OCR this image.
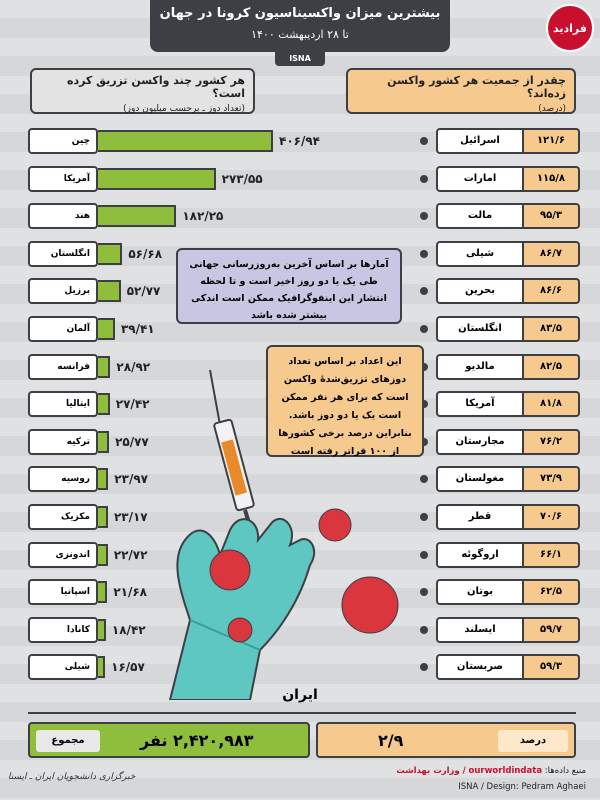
بیشترین میزان واکسیناسیون کرونا در جهان
تا ۲۸ اردیبهشت ۱۴۰۰
ISNA
فرادید
هر کشور چند واکسن تزریق کرده است؟
(تعداد دوز ـ برحسب میلیون دوز)
چقدر از جمعیت هر کشور واکسن زده‌اند؟
(درصد)
چین	۴۰۶/۹۴
آمریکا	۲۷۳/۵۵
هند	۱۸۲/۲۵
انگلستان	۵۶/۶۸
برزیل	۵۲/۷۷
آلمان	۳۹/۴۱
فرانسه	۲۸/۹۲
ایتالیا	۲۷/۴۲
ترکیه	۲۵/۷۷
روسیه	۲۳/۹۷
مکزیک	۲۳/۱۷
اندونزی	۲۲/۷۲
اسپانیا	۲۱/۶۸
کانادا	۱۸/۴۲
شیلی	۱۶/۵۷
اسرائیل	۱۲۱/۶
امارات	۱۱۵/۸
مالت	۹۵/۳
شیلی	۸۶/۷
بحرین	۸۶/۶
انگلستان	۸۳/۵
مالدیو	۸۲/۵
آمریکا	۸۱/۸
مجارستان	۷۶/۲
مغولستان	۷۳/۹
قطر	۷۰/۶
اروگوئه	۶۶/۱
بوتان	۶۲/۵
ایسلند	۵۹/۷
صربستان	۵۹/۳
آمارها بر اساس آخرین به‌روزرسانی جهانی طی یک یا دو روز اخیر است و تا لحظه انتشار این اینفوگرافیک ممکن است اندکی بیشتر شده باشد
این اعداد بر اساس تعداد دوزهای تزریق‌شدهٔ واکسن است که برای هر نفر ممکن است یک یا دو دوز باشد. بنابراین درصد برخی کشورها از ۱۰۰ فراتر رفته است
ایران
مجموع	۲,۴۲۰,۹۸۳ نفر	۲/۹	درصد
منبع داده‌ها: ourworldindata / وزارت بهداشت
ISNA / Design: Pedram Aghaei
خبرگزاری دانشجویان ایران ـ ایسنا
